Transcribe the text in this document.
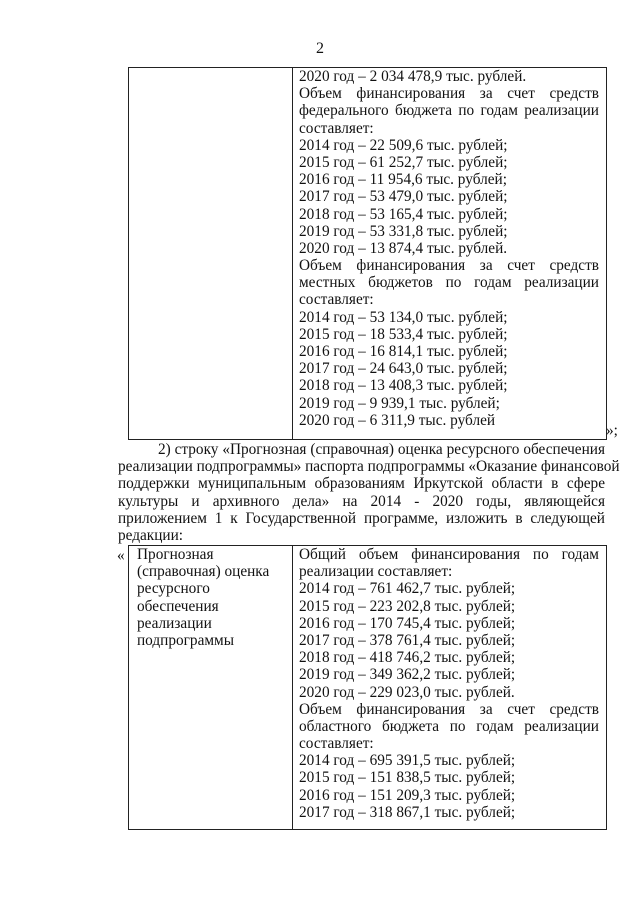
2
2020 год – 2 034 478,9 тыс. рублей.
Объем финансирования за счет средств
федерального бюджета по годам реализации
составляет:
2014 год – 22 509,6 тыс. рублей;
2015 год – 61 252,7 тыс. рублей;
2016 год – 11 954,6 тыс. рублей;
2017 год – 53 479,0 тыс. рублей;
2018 год – 53 165,4 тыс. рублей;
2019 год – 53 331,8 тыс. рублей;
2020 год – 13 874,4 тыс. рублей.
Объем финансирования за счет средств
местных бюджетов по годам реализации
составляет:
2014 год – 53 134,0 тыс. рублей;
2015 год – 18 533,4 тыс. рублей;
2016 год – 16 814,1 тыс. рублей;
2017 год – 24 643,0 тыс. рублей;
2018 год – 13 408,3 тыс. рублей;
2019 год – 9 939,1 тыс. рублей;
2020 год – 6 311,9 тыс. рублей
»;
2) строку «Прогнозная (справочная) оценка ресурсного обеспечения
реализации подпрограммы» паспорта подпрограммы «Оказание финансовой
поддержки муниципальным образованиям Иркутской области в сфере
культуры и архивного дела» на 2014 - 2020 годы, являющейся
приложением 1 к Государственной программе, изложить в следующей
редакции:
« Прогнозная
(справочная) оценка
ресурсного
обеспечения
реализации
подпрограммы
Общий объем финансирования по годам
реализации составляет:
2014 год – 761 462,7 тыс. рублей;
2015 год – 223 202,8 тыс. рублей;
2016 год – 170 745,4 тыс. рублей;
2017 год – 378 761,4 тыс. рублей;
2018 год – 418 746,2 тыс. рублей;
2019 год – 349 362,2 тыс. рублей;
2020 год – 229 023,0 тыс. рублей.
Объем финансирования за счет средств
областного бюджета по годам реализации
составляет:
2014 год – 695 391,5 тыс. рублей;
2015 год – 151 838,5 тыс. рублей;
2016 год – 151 209,3 тыс. рублей;
2017 год – 318 867,1 тыс. рублей;
